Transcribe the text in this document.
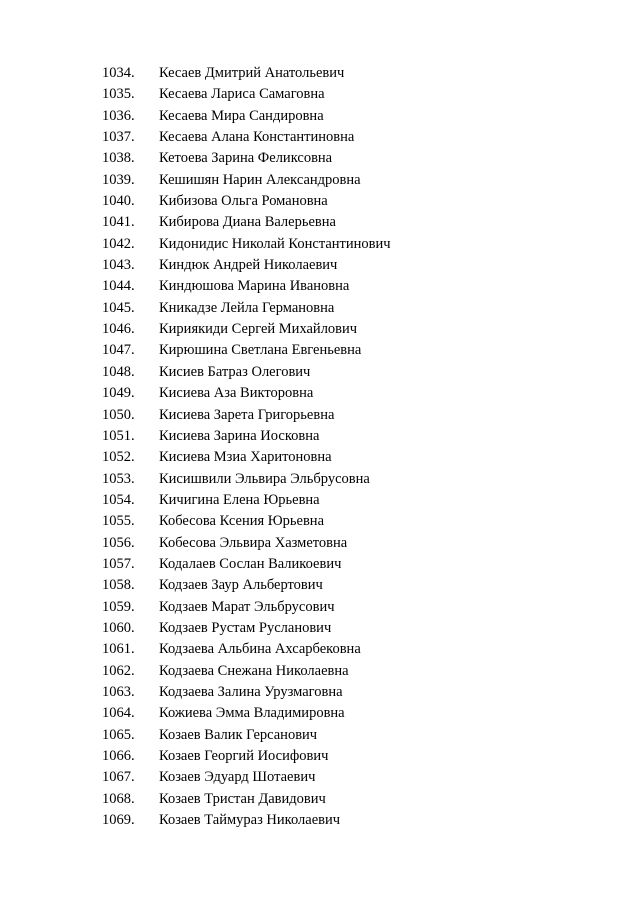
1034. Кесаев Дмитрий Анатольевич
1035. Кесаева Лариса Самаговна
1036. Кесаева Мира Сандировна
1037. Кесаева Алана Константиновна
1038. Кетоева Зарина Феликсовна
1039. Кешишян Нарин Александровна
1040. Кибизова Ольга Романовна
1041. Кибирова Диана Валерьевна
1042. Кидонидис Николай Константинович
1043. Киндюк Андрей Николаевич
1044. Киндюшова Марина Ивановна
1045. Кникадзе Лейла Германовна
1046. Кириякиди Сергей Михайлович
1047. Кирюшина Светлана Евгеньевна
1048. Кисиев Батраз Олегович
1049. Кисиева Аза Викторовна
1050. Кисиева Зарета Григорьевна
1051. Кисиева Зарина Иосковна
1052. Кисиева Мзиа Харитоновна
1053. Кисишвили Эльвира Эльбрусовна
1054. Кичигина Елена Юрьевна
1055. Кобесова Ксения Юрьевна
1056. Кобесова Эльвира Хазметовна
1057. Кодалаев Сослан Валикоевич
1058. Кодзаев Заур Альбертович
1059. Кодзаев Марат Эльбрусович
1060. Кодзаев Рустам Русланович
1061. Кодзаева Альбина Ахсарбековна
1062. Кодзаева Снежана Николаевна
1063. Кодзаева Залина Урузмаговна
1064. Кожиева Эмма Владимировна
1065. Козаев Валик Герсанович
1066. Козаев Георгий Иосифович
1067. Козаев Эдуард Шотаевич
1068. Козаев Тристан Давидович
1069. Козаев Таймураз Николаевич
